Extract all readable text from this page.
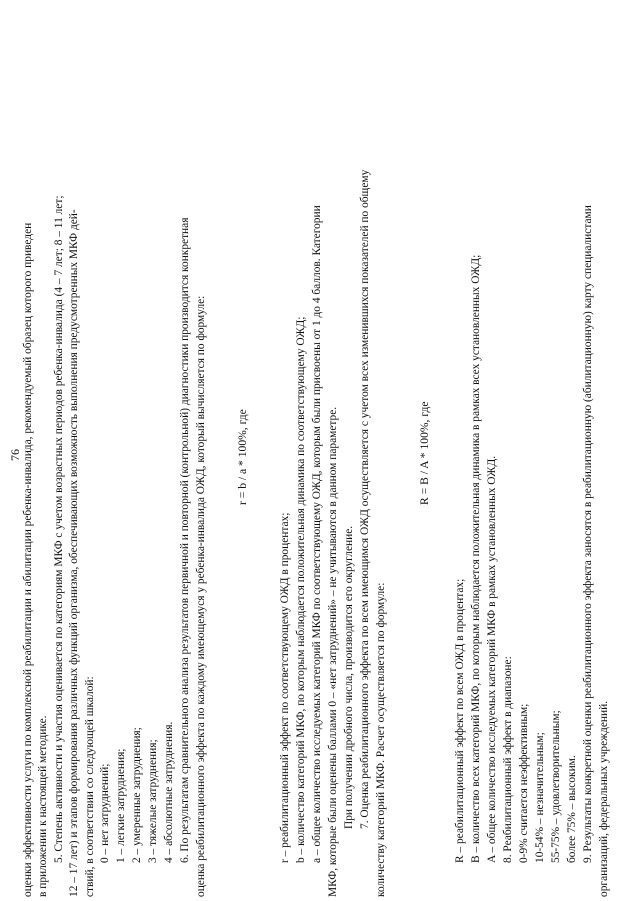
76 оценки эффективности услуги по комплексной реабилитации и абилитации ребенка-инвалида, рекомендуемый образец которого приведен в приложении к настоящей методике. 5. Степень активности и участия оценивается по категориям МКФ с учетом возрастных периодов ребенка-инвалида (4 – 7 лет; 8 – 11 лет; 12 – 17 лет) и этапов формирования различных функций организма, обеспечивающих возможность выполнения предусмотренных МКФ дей- ствий, в соответствии со следующей шкалой: 0 – нет затруднений; 1 – легкие затруднения; 2 – умеренные затруднения; 3 – тяжелые затруднения; 4 – абсолютные затруднения. 6. По результатам сравнительного анализа результатов первичной и повторной (контрольной) диагностики производится конкретная оценка реабилитационного эффекта по каждому имеющемуся у ребенка-инвалида ОЖД, который вычисляется по формуле:	r = b / a * 100%, где
r – реабилитационный эффект по соответствующему ОЖД в процентах; b – количество категорий МКФ, по которым наблюдается положительная динамика по соответствующему ОЖД; a – общее количество исследуемых категорий МКФ по соответствующему ОЖД, которым были присвоены от 1 до 4 баллов. Категории МКФ, которые были оценены баллами 0 – «нет затруднений» – не учитываются в данном параметре. При получении дробного числа, производится его округление. 7. Оценка реабилитационного эффекта по всем имеющимся ОЖД осуществляется с учетом всех изменившихся показателей по общему количеству категорий МКФ. Расчет осуществляется по формуле:
R = B / A * 100%, где
R – реабилитационный эффект по всем ОЖД в процентах; B – количество всех категорий МКФ, по которым наблюдается положительная динамика в рамках всех установленных ОЖД; A – общее количество исследуемых категорий МКФ в рамках установленных ОЖД. 8. Реабилитационный эффект в диапазоне: 0-9% считается неэффективным; 10-54% – незначительным; 55-75% – удовлетворительным; более 75% – высоким. 9. Результаты конкретной оценки реабилитационного эффекта заносятся в реабилитационную (абилитационную) карту специалистами организаций, федеральных учреждений.
